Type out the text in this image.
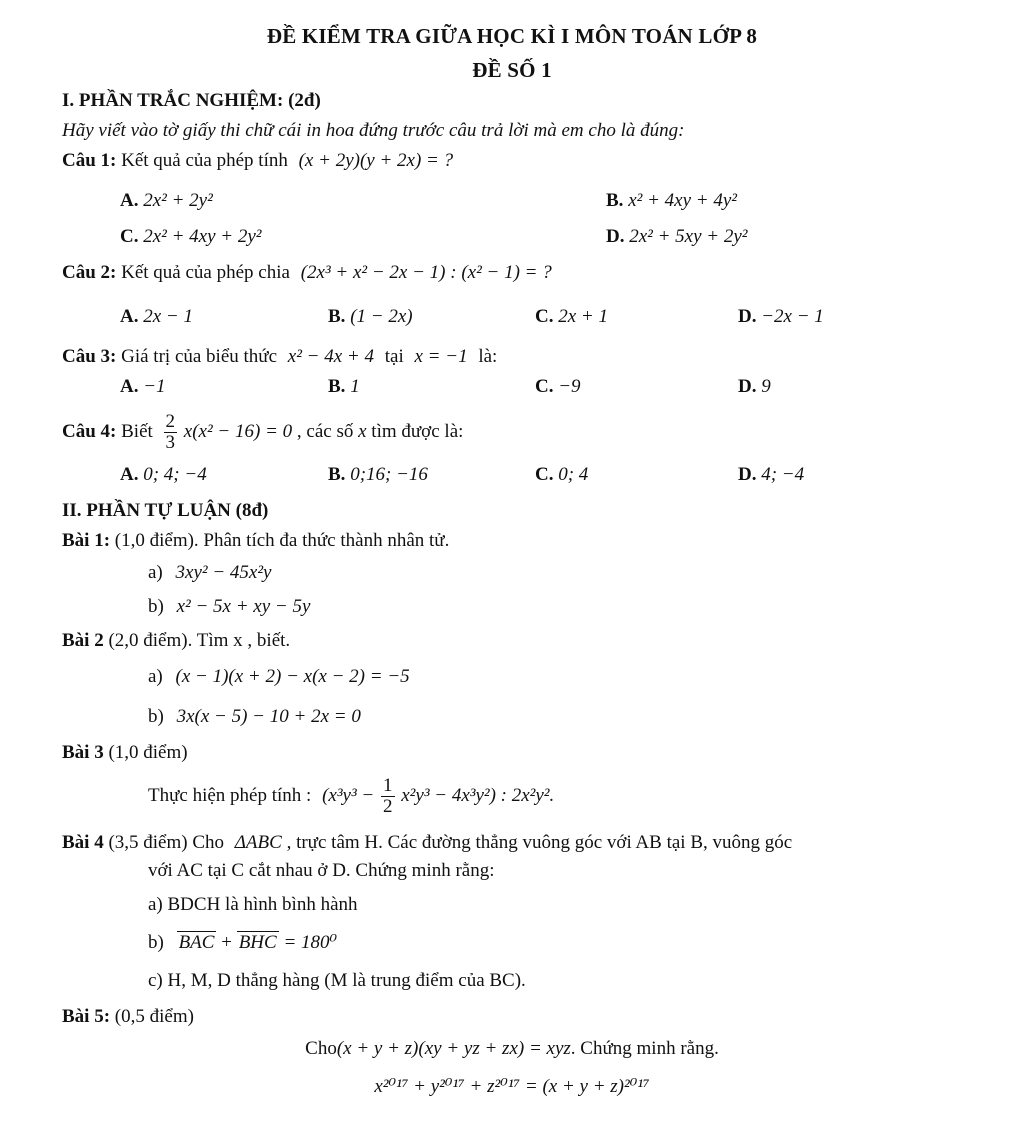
ĐỀ KIỂM TRA GIỮA HỌC KÌ I MÔN TOÁN LỚP 8
ĐỀ SỐ 1
I. PHẦN TRẮC NGHIỆM: (2đ)
Hãy viết vào tờ giấy thi chữ cái in hoa đứng trước câu trả lời mà em cho là đúng:
Câu 1: Kết quả của phép tính (x + 2y)(y + 2x) = ?
A. 2x² + 2y²	B. x² + 4xy + 4y²
C. 2x² + 4xy + 2y²	D. 2x² + 5xy + 2y²
Câu 2: Kết quả của phép chia (2x³ + x² − 2x − 1) : (x² − 1) = ?
A. 2x − 1	B. (1 − 2x)	C. 2x + 1	D. −2x − 1
Câu 3: Giá trị của biểu thức x² − 4x + 4 tại x = −1 là:
A. −1	B. 1	C. −9	D. 9
Câu 4: Biết $\frac{2}{3} x(x^2 - 16) = 0$ , các số x tìm được là:
A. 0; 4; −4	B. 0;16; −16	C. 0; 4	D. 4; −4
II. PHẦN TỰ LUẬN (8đ)
Bài 1: (1,0 điểm). Phân tích đa thức thành nhân tử.
a) 3xy² − 45x²y
b) x² − 5x + xy − 5y
Bài 2 (2,0 điểm). Tìm x , biết.
a) (x − 1)(x + 2) − x(x − 2) = −5
b) 3x(x − 5) − 10 + 2x = 0
Bài 3 (1,0 điểm)
Thực hiện phép tính : $(x^3y^3 - \frac{1}{2} x^2y^3 - 4x^3y^2)$ : 2x²y².
Bài 4 (3,5 điểm) Cho ΔABC , trực tâm H. Các đường thẳng vuông góc với AB tại B, vuông góc
với AC tại C cắt nhau ở D. Chứng minh rằng:
a) BDCH là hình bình hành
b) BAC + BHC = 180⁰
c) H, M, D thẳng hàng (M là trung điểm của BC).
Bài 5: (0,5 điểm)
Cho(x + y + z)(xy + yz + zx) = xyz. Chứng minh rằng.
x²⁰¹⁷ + y²⁰¹⁷ + z²⁰¹⁷ = (x + y + z)²⁰¹⁷
